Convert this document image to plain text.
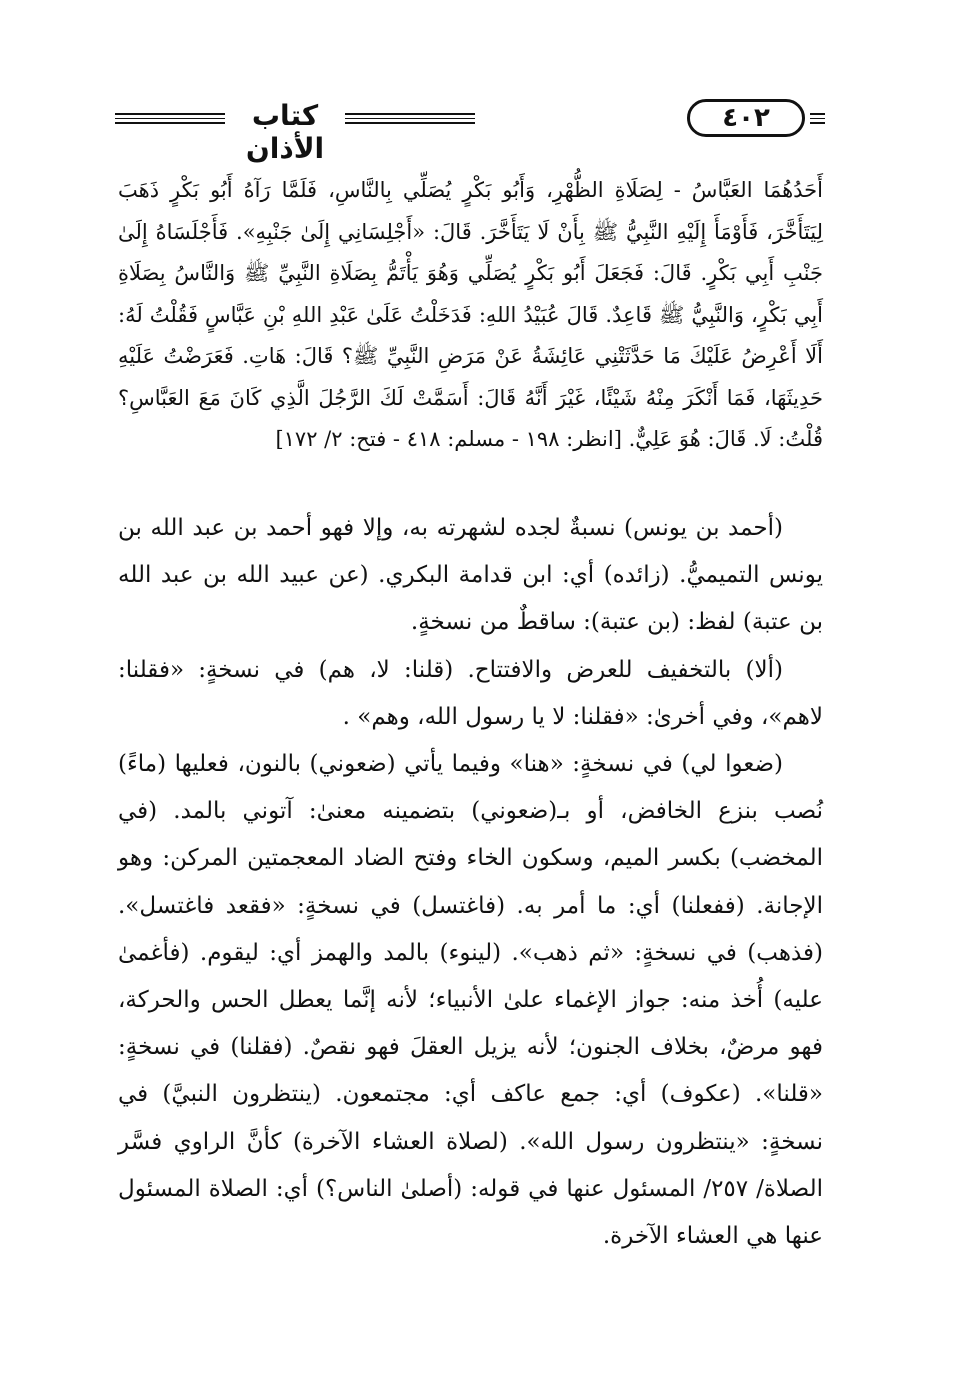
كتاب الأذان
٤٠٢

أَحَدُهُمَا العَبَّاسُ - لِصَلَاةِ الظُّهْرِ، وَأَبُو بَكْرٍ يُصَلِّي بِالنَّاسِ، فَلَمَّا رَآهُ أَبُو بَكْرٍ ذَهَبَ لِيَتَأَخَّرَ، فَأَوْمَأَ إِلَيْهِ النَّبِيُّ ﷺ بِأَنْ لَا يَتَأَخَّرَ. قَالَ: «أَجْلِسَانِي إِلَىٰ جَنْبِهِ». فَأَجْلَسَاهُ إِلَىٰ جَنْبِ أَبِي بَكْرٍ. قَالَ: فَجَعَلَ أَبُو بَكْرٍ يُصَلِّي وَهُوَ يَأْتَمُّ بِصَلَاةِ النَّبِيِّ ﷺ وَالنَّاسُ بِصَلَاةِ أَبِي بَكْرٍ، وَالنَّبِيُّ ﷺ قَاعِدٌ. قَالَ عُبَيْدُ اللهِ: فَدَخَلْتُ عَلَىٰ عَبْدِ اللهِ بْنِ عَبَّاسٍ فَقُلْتُ لَهُ: أَلَا أَعْرِضُ عَلَيْكَ مَا حَدَّثَتْنِي عَائِشَةُ عَنْ مَرَضِ النَّبِيِّ ﷺ؟ قَالَ: هَاتِ. فَعَرَضْتُ عَلَيْهِ حَدِيثَهَا، فَمَا أَنْكَرَ مِنْهُ شَيْئًا، غَيْرَ أَنَّهُ قَالَ: أَسَمَّتْ لَكَ الرَّجُلَ الَّذِي كَانَ مَعَ العَبَّاسِ؟ قُلْتُ: لَا. قَالَ: هُوَ عَلِيٌّ. [انظر: ١٩٨ - مسلم: ٤١٨ - فتح: ٢/ ١٧٢]

(أحمد بن يونس) نسبةٌ لجده لشهرته به، وإلا فهو أحمد بن عبد الله بن يونس التميميُّ. (زائده) أي: ابن قدامة البكري. (عن عبيد الله بن عبد الله بن عتبة) لفظ: (بن عتبة): ساقطٌ من نسخةٍ.

(ألا) بالتخفيف للعرض والافتتاح. (قلنا: لا، هم) في نسخةٍ: «فقلنا: لاهم»، وفي أخرىٰ: «فقلنا: لا يا رسول الله، وهم» .

(ضعوا لي) في نسخةٍ: «هنا» وفيما يأتي (ضعوني) بالنون، فعليها (ماءً) نُصب بنزع الخافض، أو بـ(ضعوني) بتضمينه معنىٰ: آتوني بالمد. (في المخضب) بكسر الميم، وسكون الخاء وفتح الضاد المعجمتين المركن: وهو الإجانة. (ففعلنا) أي: ما أمر به. (فاغتسل) في نسخةٍ: «فقعد فاغتسل». (فذهب) في نسخةٍ: «ثم ذهب». (لينوء) بالمد والهمز أي: ليقوم. (فأغمىٰ عليه) أُخذ منه: جواز الإغماء علىٰ الأنبياء؛ لأنه إنَّما يعطل الحس والحركة، فهو مرضٌ، بخلاف الجنون؛ لأنه يزيل العقلَ فهو نقصٌ. (فقلنا) في نسخةٍ: «قلنا». (عكوف) أي: جمع عاكف أي: مجتمعون. (ينتظرون النبيَّ) في نسخةٍ: «ينتظرون رسول الله». (لصلاة العشاء الآخرة) كأنَّ الراوي فسَّر الصلاة/ ٢٥٧/ المسئول عنها في قوله: (أصلىٰ الناس؟) أي: الصلاة المسئول عنها هي العشاء الآخرة.
